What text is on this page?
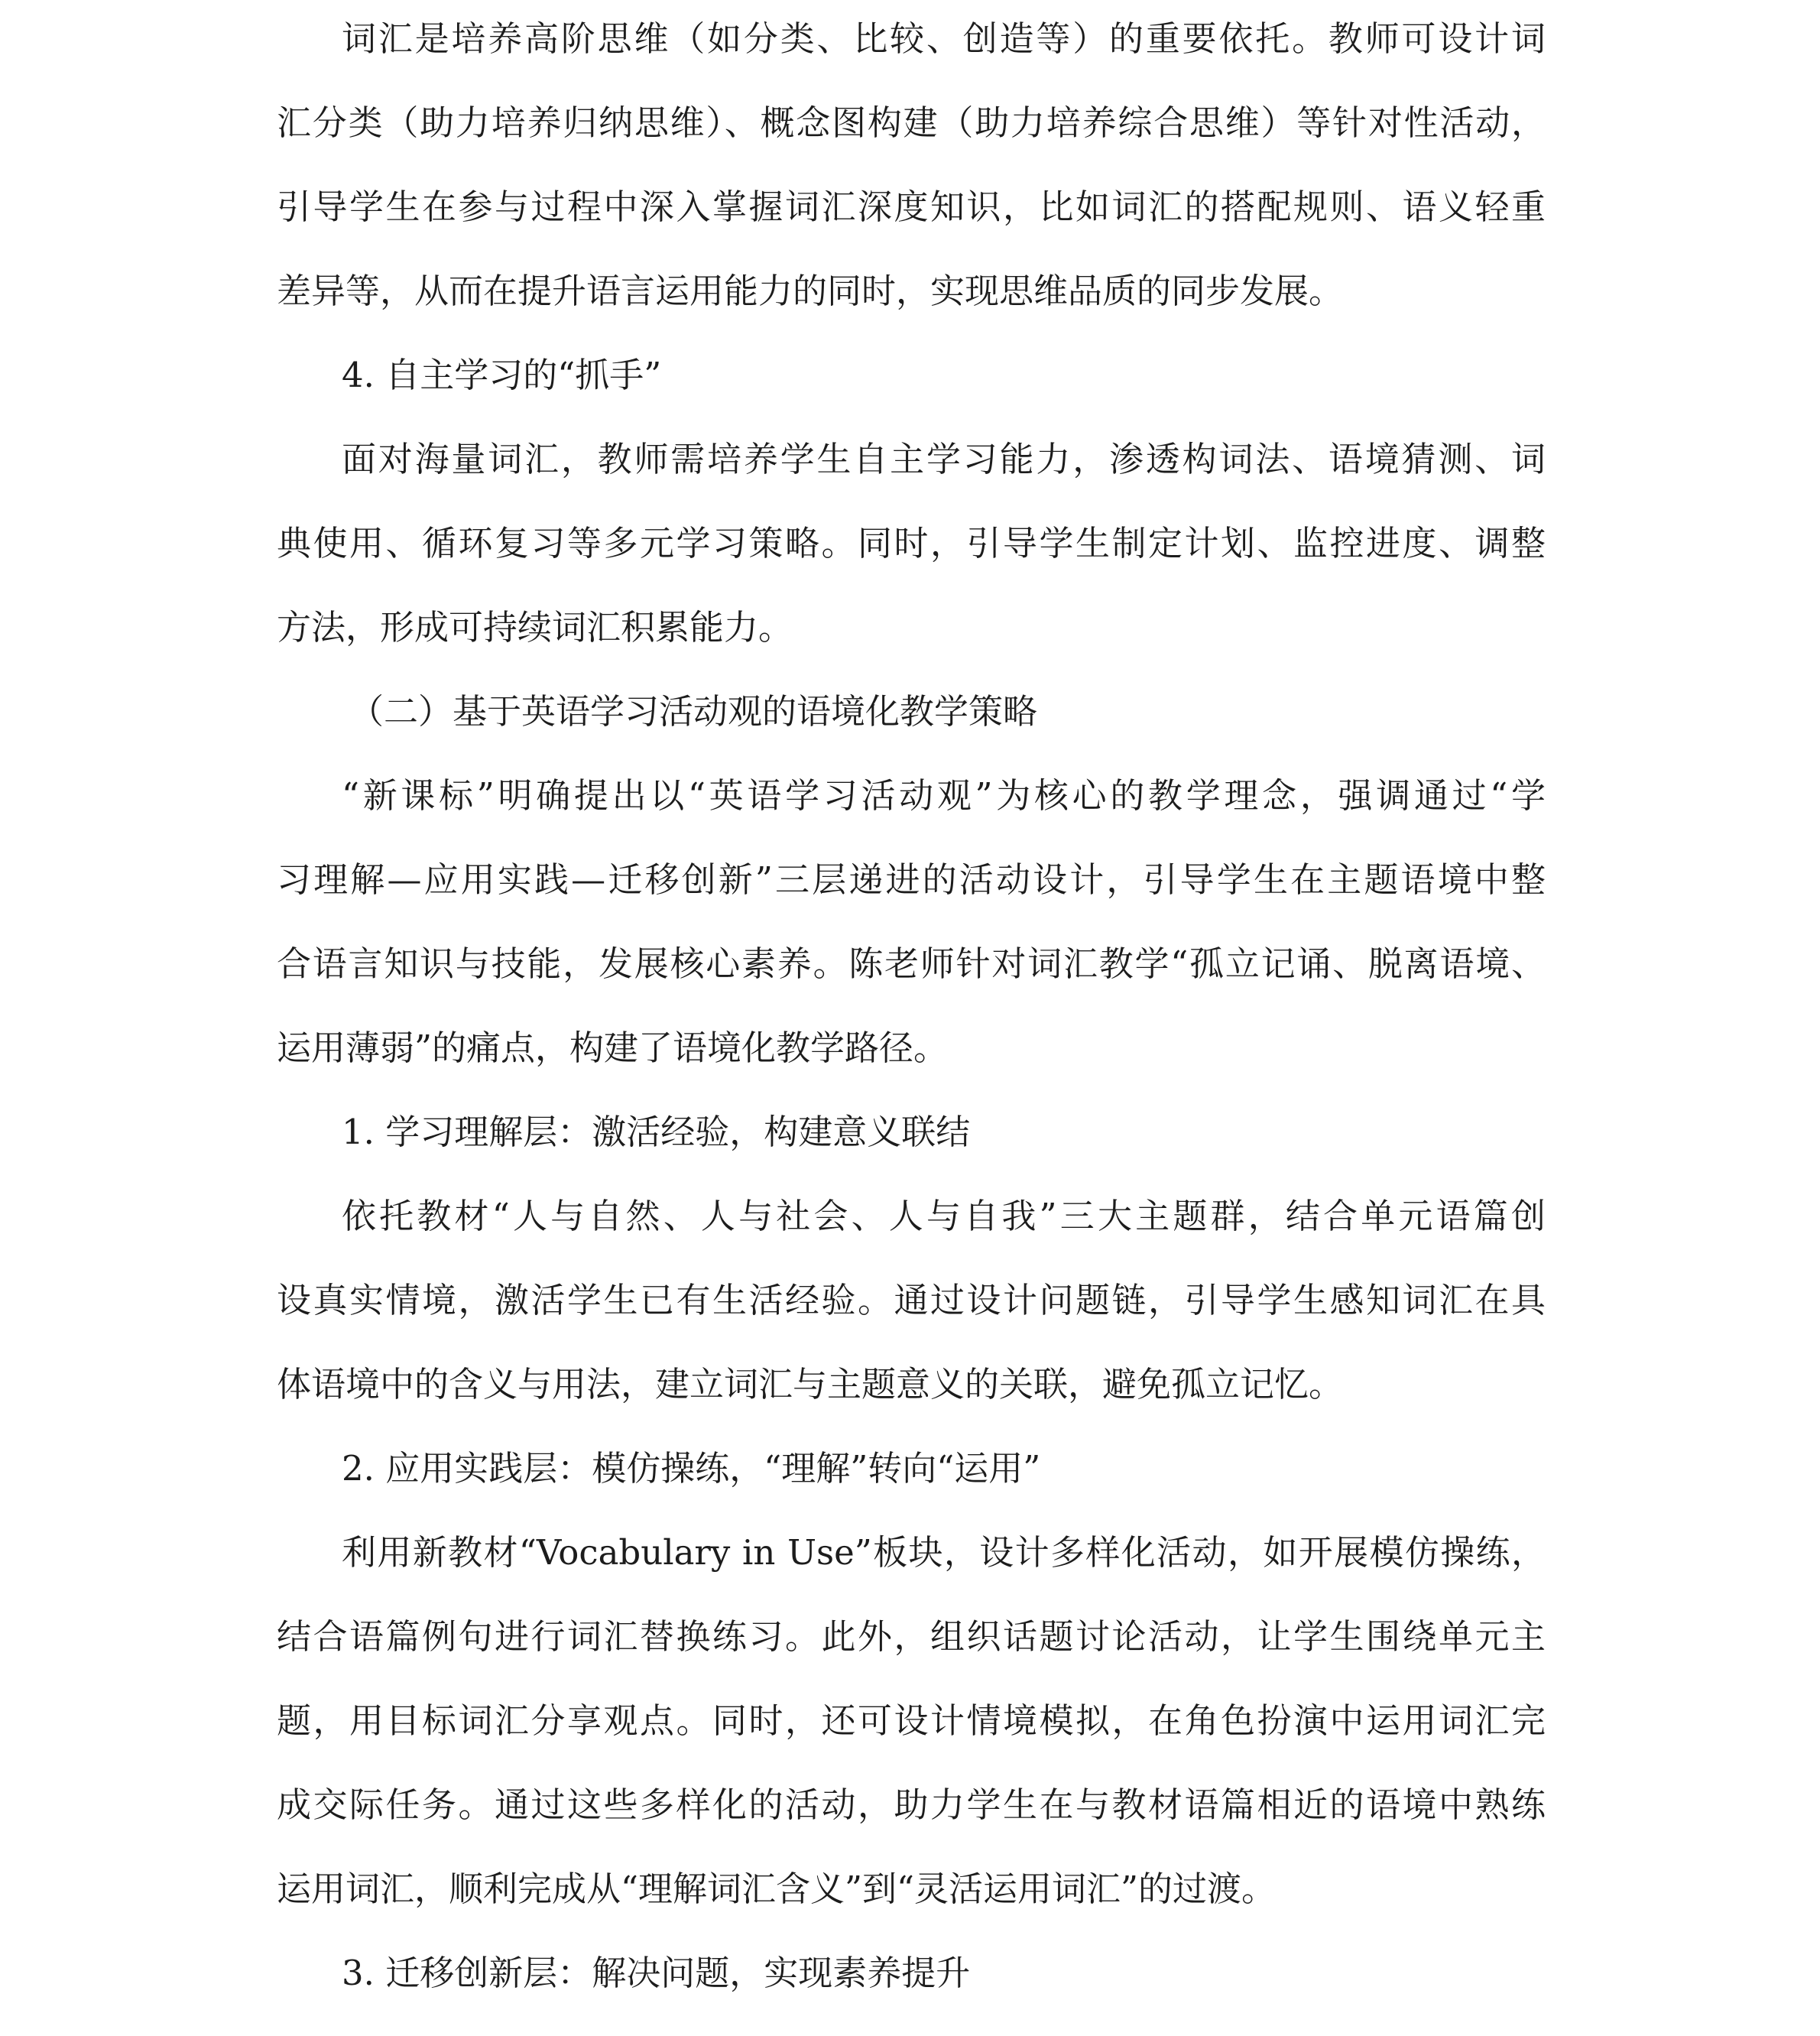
词汇是培养高阶思维（如分类、比较、创造等）的重要依托。教师可设计词
汇分类（助力培养归纳思维）、概念图构建（助力培养综合思维）等针对性活动，
引导学生在参与过程中深入掌握词汇深度知识，比如词汇的搭配规则、语义轻重
差异等，从而在提升语言运用能力的同时，实现思维品质的同步发展。
4. 自主学习的“抓手”
面对海量词汇，教师需培养学生自主学习能力，渗透构词法、语境猜测、词
典使用、循环复习等多元学习策略。同时，引导学生制定计划、监控进度、调整
方法，形成可持续词汇积累能力。
（二）基于英语学习活动观的语境化教学策略
“新课标”明确提出以“英语学习活动观”为核心的教学理念，强调通过“学
习理解—应用实践—迁移创新”三层递进的活动设计，引导学生在主题语境中整
合语言知识与技能，发展核心素养。陈老师针对词汇教学“孤立记诵、脱离语境、
运用薄弱”的痛点，构建了语境化教学路径。
1. 学习理解层：激活经验，构建意义联结
依托教材“人与自然、人与社会、人与自我”三大主题群，结合单元语篇创
设真实情境，激活学生已有生活经验。通过设计问题链，引导学生感知词汇在具
体语境中的含义与用法，建立词汇与主题意义的关联，避免孤立记忆。
2. 应用实践层：模仿操练，“理解”转向“运用”
利用新教材“Vocabulary in Use”板块，设计多样化活动，如开展模仿操练，
结合语篇例句进行词汇替换练习。此外，组织话题讨论活动，让学生围绕单元主
题，用目标词汇分享观点。同时，还可设计情境模拟，在角色扮演中运用词汇完
成交际任务。通过这些多样化的活动，助力学生在与教材语篇相近的语境中熟练
运用词汇，顺利完成从“理解词汇含义”到“灵活运用词汇”的过渡。
3. 迁移创新层：解决问题，实现素养提升
